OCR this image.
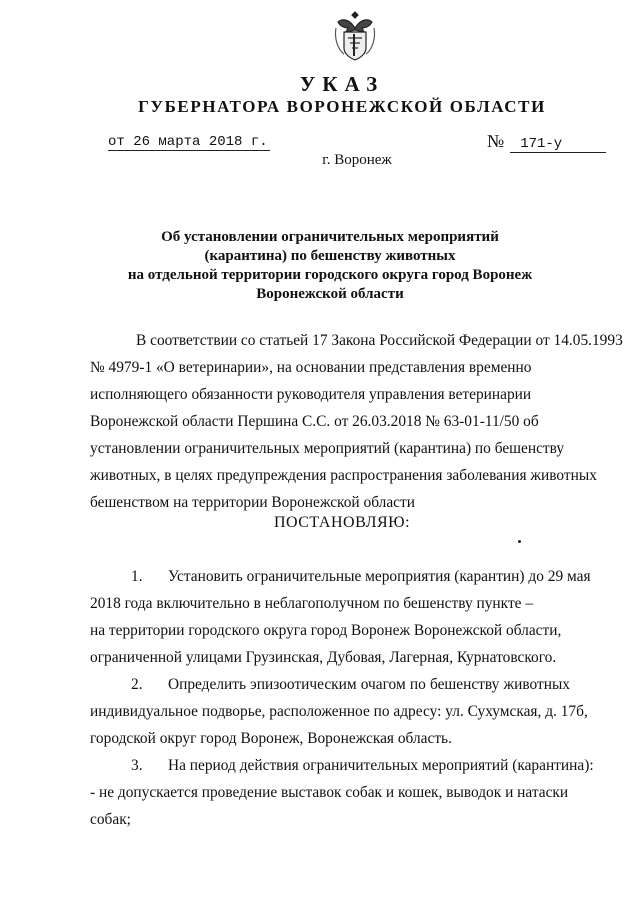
УКАЗ
ГУБЕРНАТОРА ВОРОНЕЖСКОЙ ОБЛАСТИ
от 26 марта 2018 г.	№ 171-у
г. Воронеж
Об установлении ограничительных мероприятий
(карантина) по бешенству животных
на отдельной территории городского округа город Воронеж
Воронежской области
В соответствии со статьей 17 Закона Российской Федерации от 14.05.1993
№ 4979-1 «О ветеринарии», на основании представления временно
исполняющего обязанности руководителя управления ветеринарии
Воронежской области Першина С.С. от 26.03.2018 № 63-01-11/50 об
установлении ограничительных мероприятий (карантина) по бешенству
животных, в целях предупреждения распространения заболевания животных
бешенством на территории Воронежской области
ПОСТАНОВЛЯЮ:
1. Установить ограничительные мероприятия (карантин) до 29 мая
2018 года включительно в неблагополучном по бешенству пункте –
на территории городского округа город Воронеж Воронежской области,
ограниченной улицами Грузинская, Дубовая, Лагерная, Курнатовского.
2. Определить эпизоотическим очагом по бешенству животных
индивидуальное подворье, расположенное по адресу: ул. Сухумская, д. 17б,
городской округ город Воронеж, Воронежская область.
3. На период действия ограничительных мероприятий (карантина):
- не допускается проведение выставок собак и кошек, выводок и натаски
собак;
